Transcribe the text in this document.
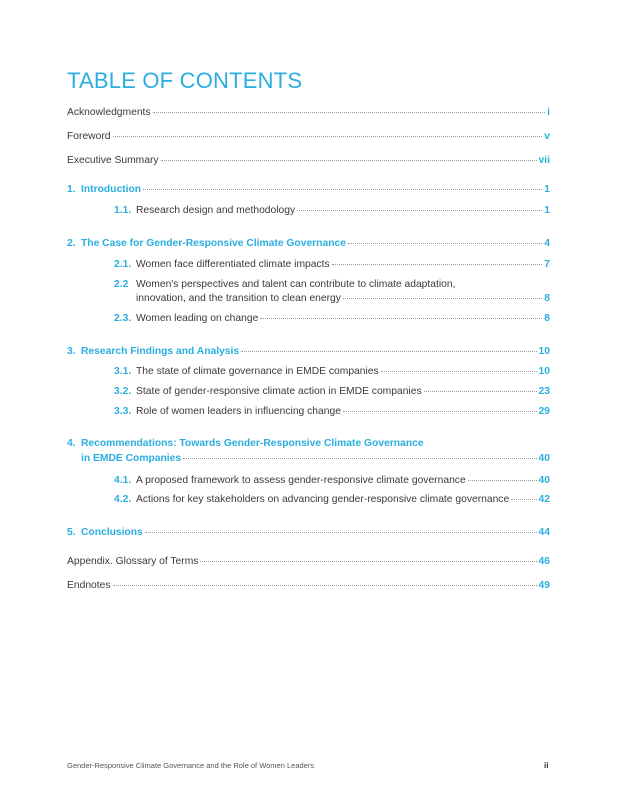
TABLE OF CONTENTS
Acknowledgments	i
Foreword	v
Executive Summary	vii
1. Introduction	1
1.1. Research design and methodology	1
2. The Case for Gender-Responsive Climate Governance	4
2.1. Women face differentiated climate impacts	7
2.2 Women's perspectives and talent can contribute to climate adaptation,
innovation, and the transition to clean energy	8
2.3. Women leading on change	8
3. Research Findings and Analysis	10
3.1. The state of climate governance in EMDE companies	10
3.2. State of gender-responsive climate action in EMDE companies	23
3.3. Role of women leaders in influencing change	29
4. Recommendations: Towards Gender-Responsive Climate Governance
in EMDE Companies	40
4.1. A proposed framework to assess gender-responsive climate governance	40
4.2. Actions for key stakeholders on advancing gender-responsive climate governance	42
5. Conclusions	44
Appendix. Glossary of Terms	46
Endnotes	49
Gender-Responsive Climate Governance and the Role of Women Leaders	ii
